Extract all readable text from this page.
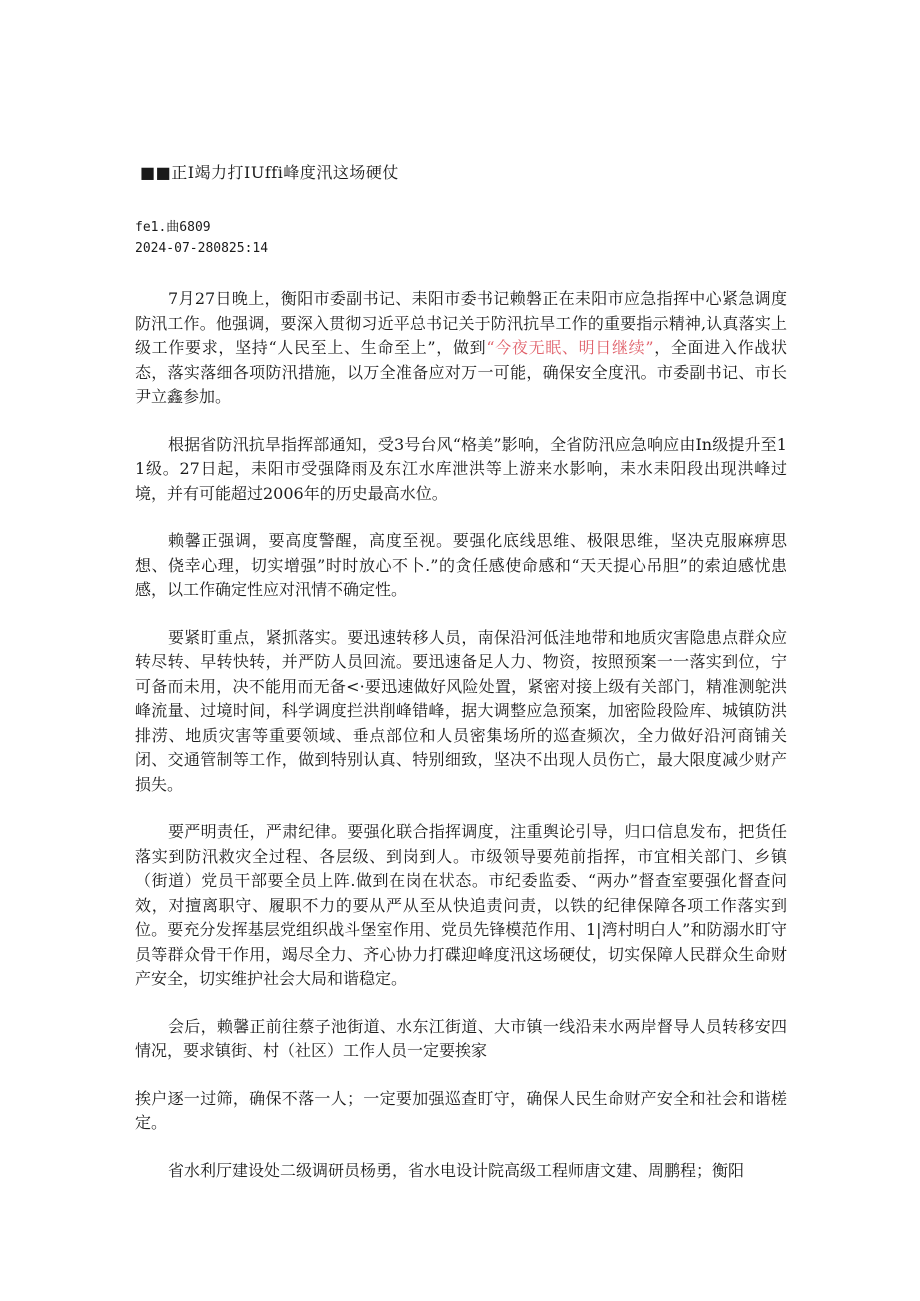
■■正I竭力打IUffi峰度汛这场硬仗
fe1.曲6809
2024-07-280825:14

7月27日晚上，衡阳市委副书记、耒阳市委书记赖磐正在耒阳市应急指挥中心紧急调度防汛工作。他强调，要深入贯彻习近平总书记关于防汛抗旱工作的重要指示精神,认真落实上级工作要求，坚持“人民至上、生命至上”，做到“今夜无眠、明日继续”，全面进入作战状态，落实落细各项防汛措施，以万全准备应对万一可能，确保安全度汛。市委副书记、市长尹立鑫参加。

根据省防汛抗旱指挥部通知，受3号台风“格美”影响，全省防汛应急响应由In级提升至11级。27日起，耒阳市受强降雨及东江水库泄洪等上游来水影响，耒水耒阳段出现洪峰过境，并有可能超过2006年的历史最高水位。

赖馨正强调，要高度警醒，高度至视。要强化底线思维、极限思维，坚决克服麻痹思想、侥幸心理，切实增强”时时放心不卜.”的贪任感使命感和“天天提心吊胆”的索迫感忧患感，以工作确定性应对汛情不确定性。

要紧盯重点，紧抓落实。要迅速转移人员，南保沿河低洼地带和地质灾害隐患点群众应转尽转、早转快转，并严防人员回流。要迅速备足人力、物资，按照预案一一落实到位，宁可备而未用，决不能用而无备<·要迅速做好风险处置，紧密对接上级有关部门，精准测鸵洪峰流量、过境时间，科学调度拦洪削峰错峰，据大调整应急预案，加密险段险库、城镇防洪排涝、地质灾害等重要领域、垂点部位和人员密集场所的巡查频次，全力做好沿河商铺关闭、交通管制等工作，做到特别认真、特别细致，坚决不出现人员伤亡，最大限度减少财产损失。

要严明责任，严肃纪律。要强化联合指挥调度，注重舆论引导，归口信息发布，把货任落实到防汛救灾全过程、各层级、到岗到人。市级领导要苑前指挥，市宜相关部门、乡镇（街道）党员干部要全员上阵.做到在岗在状态。市纪委监委、“两办”督查室要强化督查问效，对擅离职守、履职不力的要从严从至从快追责问责，以铁的纪律保障各项工作落实到位。要充分发挥基层党组织战斗堡室作用、党员先锋模范作用、1|湾村明白人”和防溺水盯守员等群众骨干作用，竭尽全力、齐心协力打碟迎峰度汛这场硬仗，切实保障人民群众生命财产安全，切实维护社会大局和谐稳定。

会后，赖馨正前往蔡子池街道、水东江街道、大市镇一线沿耒水两岸督导人员转移安四情况，要求镇街、村（社区）工作人员一定要挨家

挨户逐一过筛，确保不落一人；一定要加强巡查盯守，确保人民生命财产安全和社会和谐槎定。

省水利厅建设处二级调研员杨勇，省水电设计院高级工程师唐文建、周鹏程；衡阳
